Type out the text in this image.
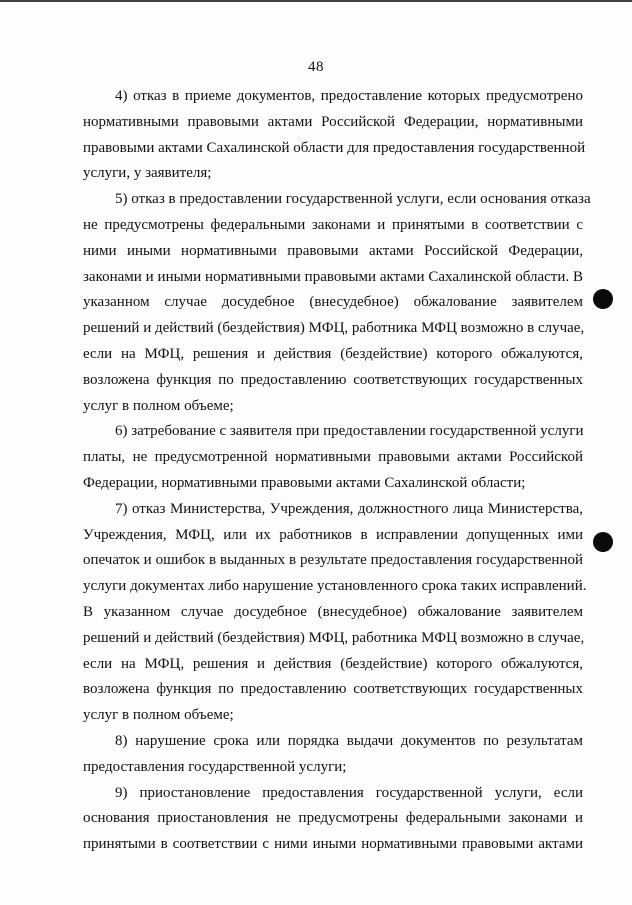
48

4) отказ в приеме документов, предоставление которых предусмотрено
нормативными правовыми актами Российской Федерации, нормативными
правовыми актами Сахалинской области для предоставления государственной
услуги, у заявителя;

5) отказ в предоставлении государственной услуги, если основания отказа
не предусмотрены федеральными законами и принятыми в соответствии с
ними иными нормативными правовыми актами Российской Федерации,
законами и иными нормативными правовыми актами Сахалинской области. В
указанном случае досудебное (внесудебное) обжалование заявителем
решений и действий (бездействия) МФЦ, работника МФЦ возможно в случае,
если на МФЦ, решения и действия (бездействие) которого обжалуются,
возложена функция по предоставлению соответствующих государственных
услуг в полном объеме;

6) затребование с заявителя при предоставлении государственной услуги
платы, не предусмотренной нормативными правовыми актами Российской
Федерации, нормативными правовыми актами Сахалинской области;

7) отказ Министерства, Учреждения, должностного лица Министерства,
Учреждения, МФЦ, или их работников в исправлении допущенных ими
опечаток и ошибок в выданных в результате предоставления государственной
услуги документах либо нарушение установленного срока таких исправлений.
В указанном случае досудебное (внесудебное) обжалование заявителем
решений и действий (бездействия) МФЦ, работника МФЦ возможно в случае,
если на МФЦ, решения и действия (бездействие) которого обжалуются,
возложена функция по предоставлению соответствующих государственных
услуг в полном объеме;

8) нарушение срока или порядка выдачи документов по результатам
предоставления государственной услуги;

9) приостановление предоставления государственной услуги, если
основания приостановления не предусмотрены федеральными законами и
принятыми в соответствии с ними иными нормативными правовыми актами
